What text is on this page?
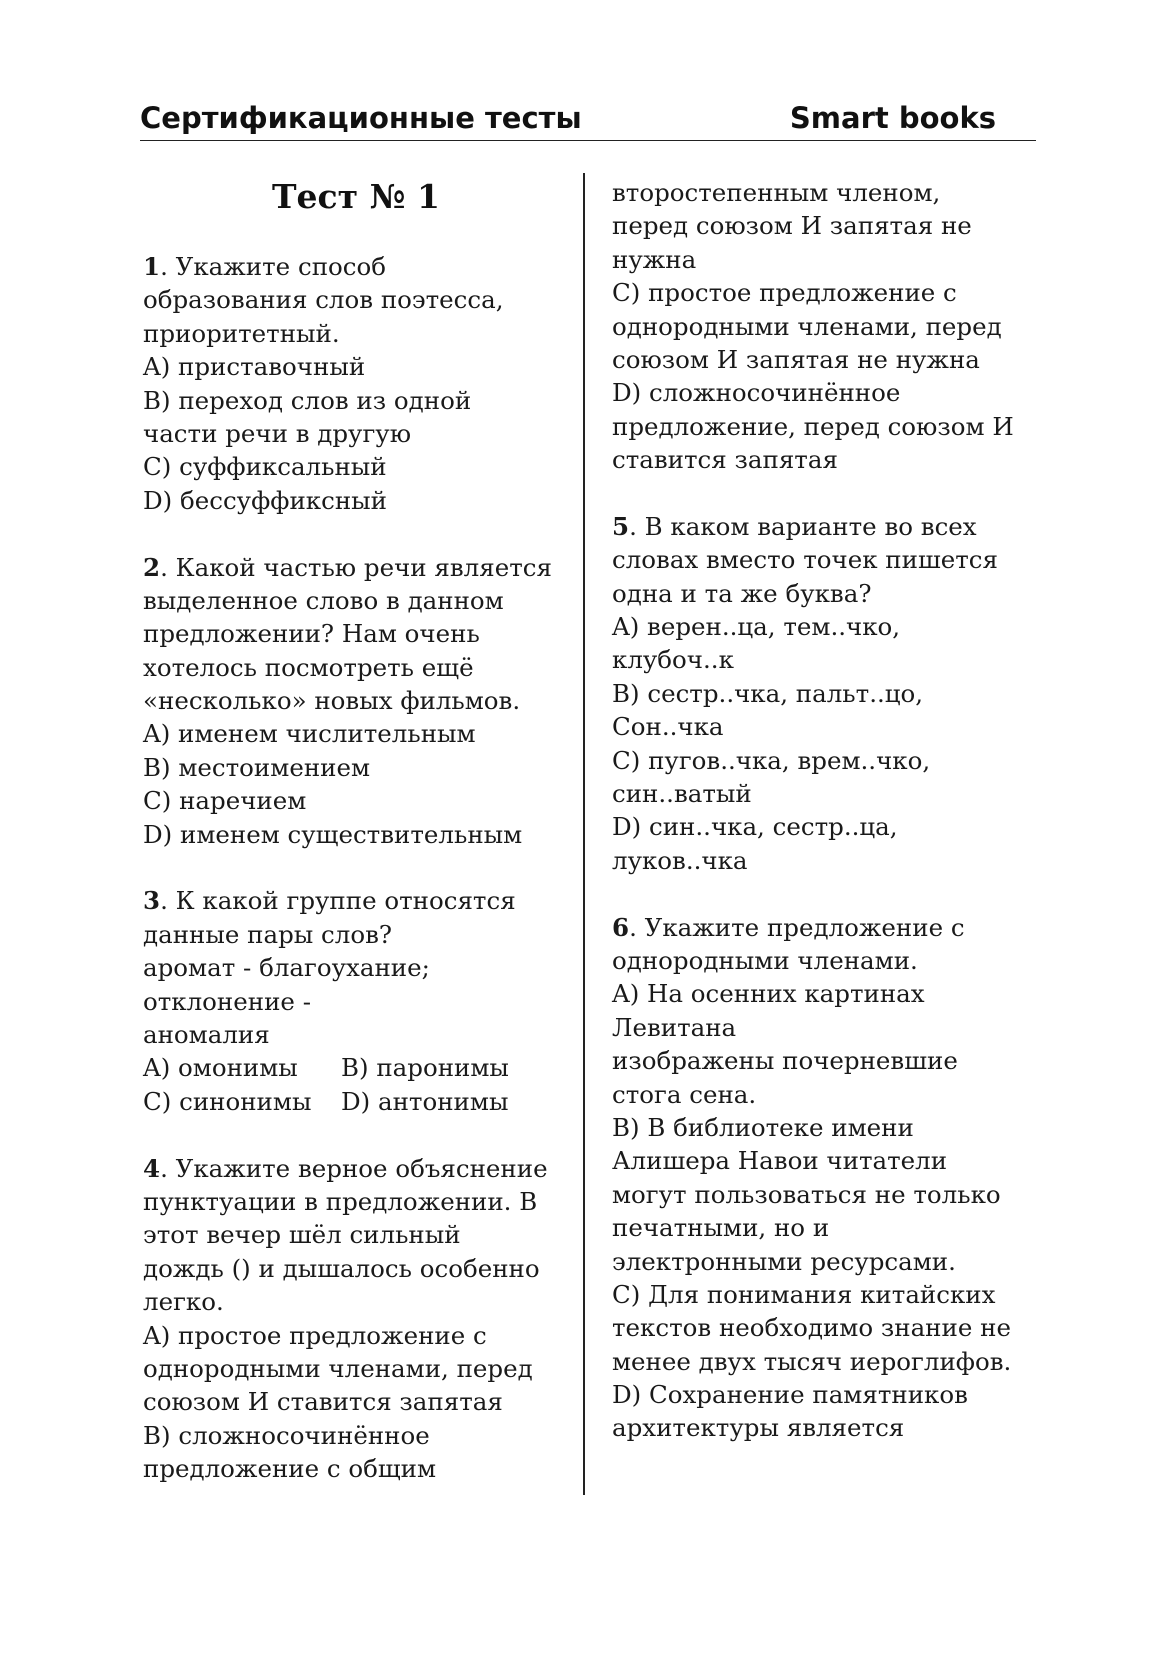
Сертификационные тесты	Smart books
Тест № 1
1. Укажите способ
образования слов поэтесса,
приоритетный.
A) приставочный
B) переход слов из одной
части речи в другую
C) суффиксальный
D) бессуффиксный
2. Какой частью речи является
выделенное слово в данном
предложении? Нам очень
хотелось посмотреть ещё
«несколько» новых фильмов.
A) именем числительным
B) местоимением
C) наречием
D) именем существительным
3. К какой группе относятся
данные пары слов?
аромат - благоухание;
отклонение -
аномалия
A) омонимы B) паронимы
C) синонимы D) антонимы
4. Укажите верное объяснение
пунктуации в предложении. В
этот вечер шёл сильный
дождь () и дышалось особенно
легко.
A) простое предложение с
однородными членами, перед
союзом И ставится запятая
B) сложносочинённое
предложение с общим
второстепенным членом,
перед союзом И запятая не
нужна
C) простое предложение с
однородными членами, перед
союзом И запятая не нужна
D) сложносочинённое
предложение, перед союзом И
ставится запятая
5. В каком варианте во всех
словах вместо точек пишется
одна и та же буква?
A) верен..ца, тем..чко,
клубоч..к
B) сестр..чка, пальт..цо,
Сон..чка
C) пугов..чка, врем..чко,
син..ватый
D) син..чка, сестр..ца,
луков..чка
6. Укажите предложение с
однородными членами.
A) На осенних картинах
Левитана
изображены почерневшие
стога сена.
B) В библиотеке имени
Алишера Навои читатели
могут пользоваться не только
печатными, но и
электронными ресурсами.
C) Для понимания китайских
текстов необходимо знание не
менее двух тысяч иероглифов.
D) Сохранение памятников
архитектуры является
